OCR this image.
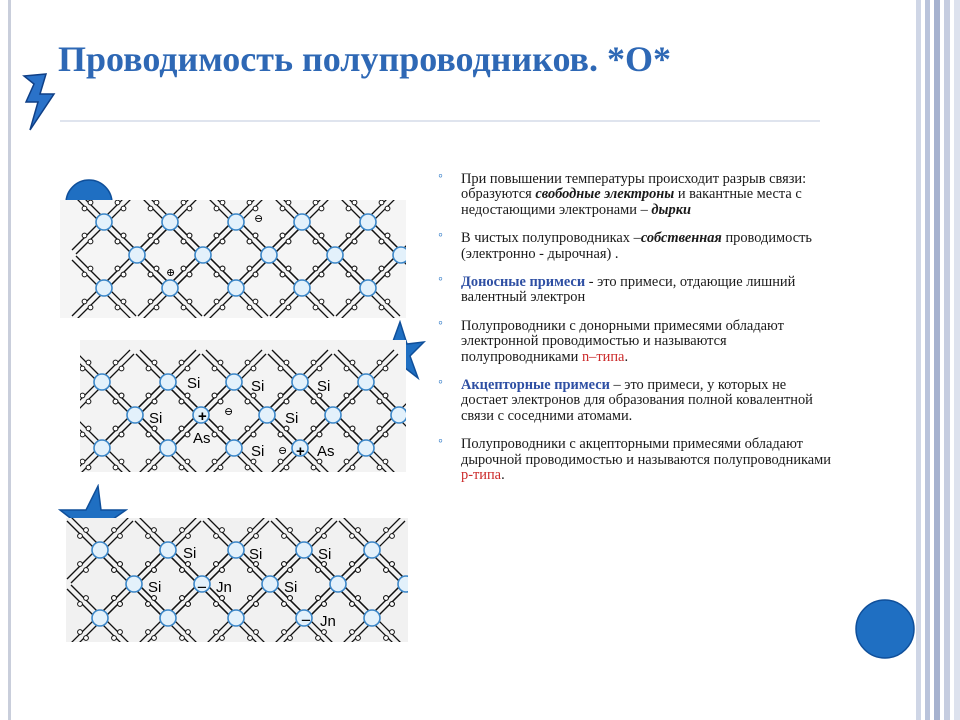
Проводимость полупроводников. *О*
⊖
⊕
Si	Si	Si
Si	Si
Si
As
As
+
+
⊖
⊖
Si	Si	Si
Si	Si
Jn
Jn
−
−
◦ При повышении температуры происходит разрыв связи: образуются свободные электроны и вакантные места с недостающими электронами – дырки
◦ В чистых полупроводниках –собственная проводимость (электронно - дырочная) .
◦ Доносные примеси - это примеси, отдающие лишний валентный электрон
◦ Полупроводники с донорными примесями обладают электронной проводимостью и называются полупроводниками n–типа.
◦ Акцепторные примеси – это примеси, у которых не достает электронов для образования полной ковалентной связи с соседними атомами.
◦ Полупроводники с акцепторными примесями обладают дырочной проводимостью и называются полупроводниками p-типа.
